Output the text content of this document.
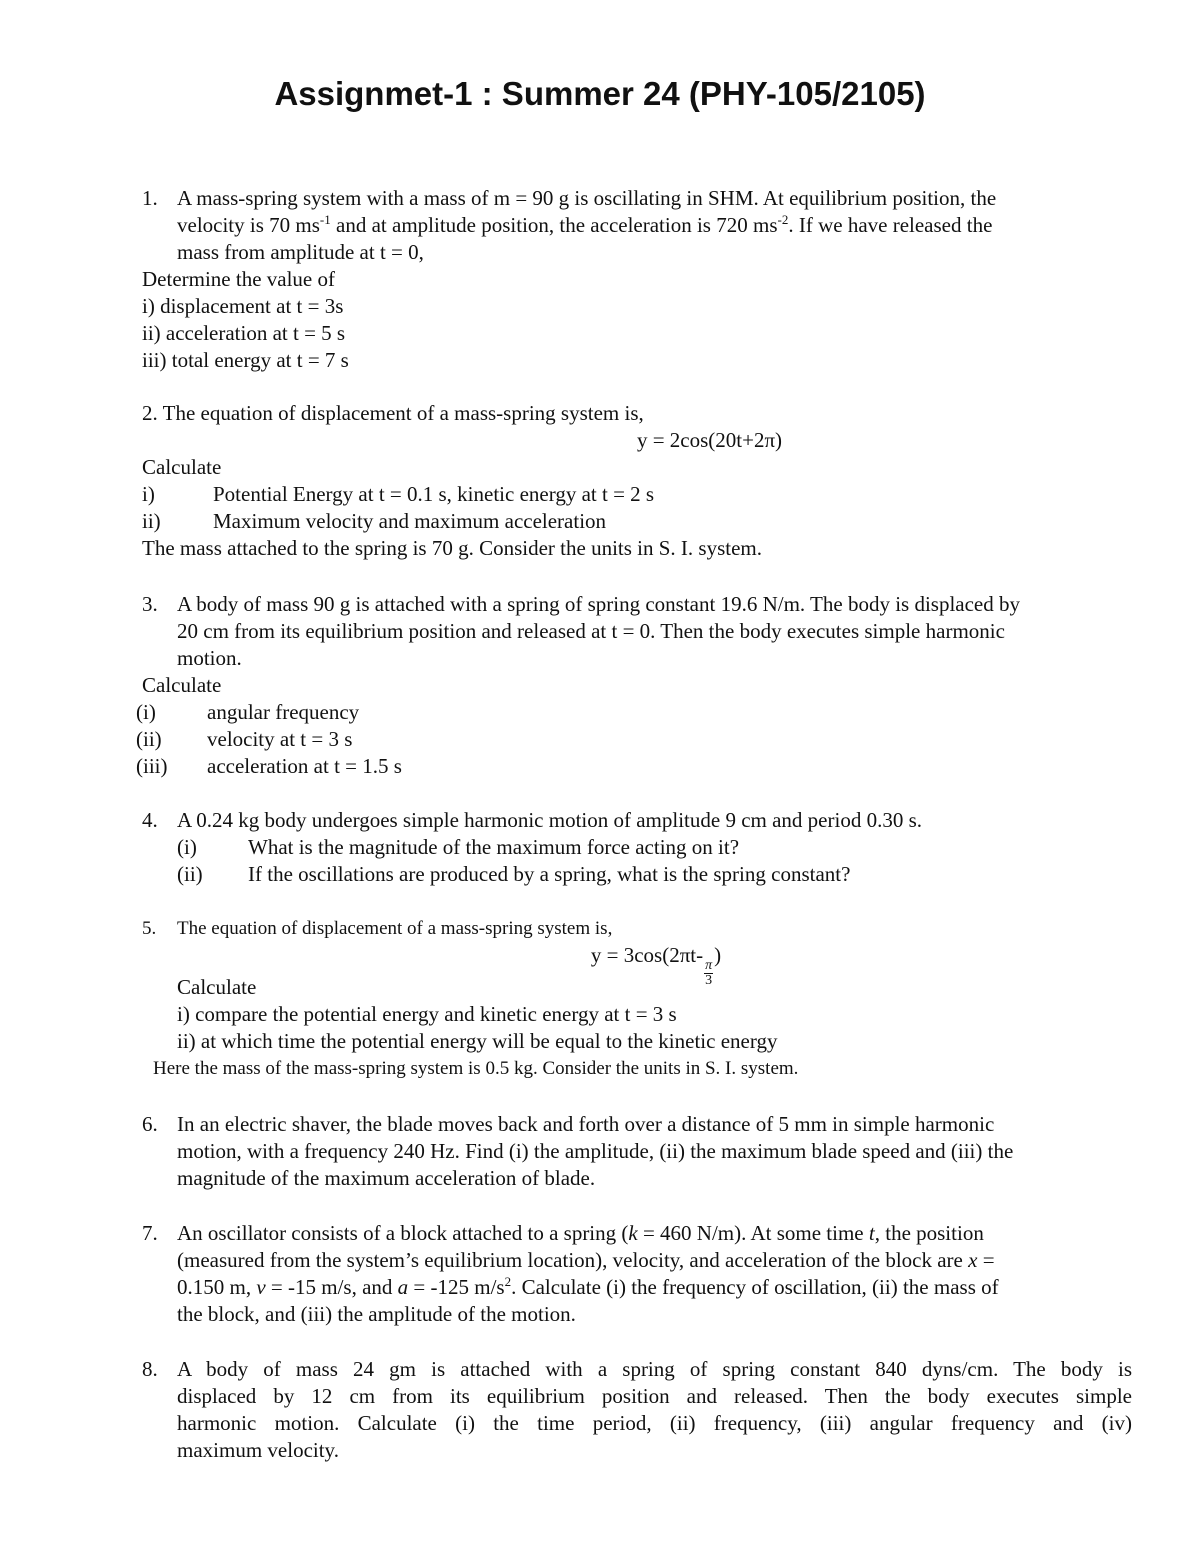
Assignmet-1 : Summer 24 (PHY-105/2105)
1. A mass-spring system with a mass of m = 90 g is oscillating in SHM. At equilibrium position, the
velocity is 70 $ms^{-1}$ and at amplitude position, the acceleration is 720 $ms^{-2}$. If we have released the
mass from amplitude at t = 0,
Determine the value of
i) displacement at t = 3s
ii) acceleration at t = 5 s
iii) total energy at t = 7 s
2. The equation of displacement of a mass-spring system is,
y = 2cos(20t+2π)
Calculate
i)	Potential Energy at t = 0.1 s, kinetic energy at t = 2 s
ii) Maximum velocity and maximum acceleration
The mass attached to the spring is 70 g. Consider the units in S. I. system.
3. A body of mass 90 g is attached with a spring of spring constant 19.6 N/m. The body is displaced by
20 cm from its equilibrium position and released at t = 0. Then the body executes simple harmonic
motion.
Calculate
(i) angular frequency
(ii) velocity at t = 3 s
(iii) acceleration at t = 1.5 s
4. A 0.24 kg body undergoes simple harmonic motion of amplitude 9 cm and period 0.30 s.
(i) What is the magnitude of the maximum force acting on it?
(ii) If the oscillations are produced by a spring, what is the spring constant?
5. The equation of displacement of a mass-spring system is,
y = 3cos(2πt-
$\frac{\pi}{3}$
)
Calculate
i) compare the potential energy and kinetic energy at t = 3 s
ii) at which time the potential energy will be equal to the kinetic energy
Here the mass of the mass-spring system is 0.5 kg. Consider the units in S. I. system.
6. In an electric shaver, the blade moves back and forth over a distance of 5 mm in simple harmonic
motion, with a frequency 240 Hz. Find (i) the amplitude, (ii) the maximum blade speed and (iii) the
magnitude of the maximum acceleration of blade.
7. An oscillator consists of a block attached to a spring (k = 460 N/m). At some time t, the position
(measured from the system’s equilibrium location), velocity, and acceleration of the block are x =
0.150 m, v = -15 m/s, and a = -125 $m/s^2$. Calculate (i) the frequency of oscillation, (ii) the mass of
the block, and (iii) the amplitude of the motion.
8. A body of mass 24 gm is attached with a spring of spring constant 840 dyns/cm. The body is
displaced by 12 cm from its equilibrium position and released. Then the body executes simple
harmonic motion. Calculate (i) the time period, (ii) frequency, (iii) angular frequency and (iv)
maximum velocity.
